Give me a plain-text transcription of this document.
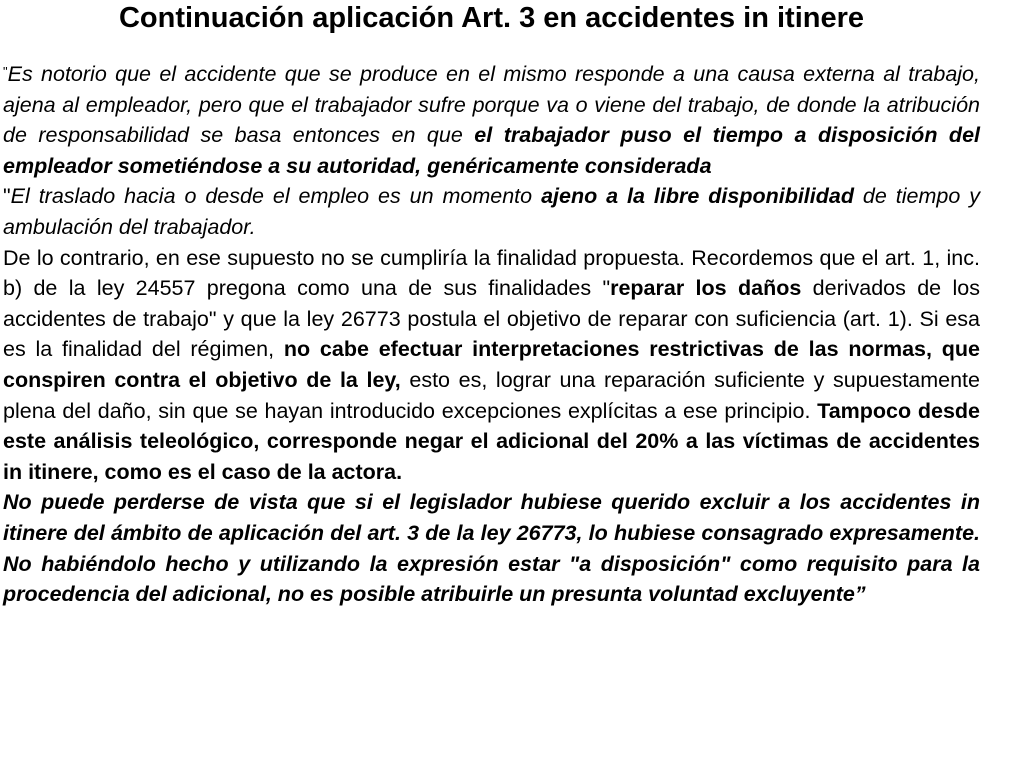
Continuación aplicación Art. 3 en accidentes in itinere

"Es notorio que el accidente que se produce en el mismo responde a una causa externa al trabajo, ajena al empleador, pero que el trabajador sufre porque va o viene del trabajo, de donde la atribución de responsabilidad se basa entonces en que el trabajador puso el tiempo a disposición del empleador sometiéndose a su autoridad, genéricamente considerada

"El traslado hacia o desde el empleo es un momento ajeno a la libre disponibilidad de tiempo y ambulación del trabajador.

De lo contrario, en ese supuesto no se cumpliría la finalidad propuesta. Recordemos que el art. 1, inc. b) de la ley 24557 pregona como una de sus finalidades "reparar los daños derivados de los accidentes de trabajo" y que la ley 26773 postula el objetivo de reparar con suficiencia (art. 1). Si esa es la finalidad del régimen, no cabe efectuar interpretaciones restrictivas de las normas, que conspiren contra el objetivo de la ley, esto es, lograr una reparación suficiente y supuestamente plena del daño, sin que se hayan introducido excepciones explícitas a ese principio. Tampoco desde este análisis teleológico, corresponde negar el adicional del 20% a las víctimas de accidentes in itinere, como es el caso de la actora.

No puede perderse de vista que si el legislador hubiese querido excluir a los accidentes in itinere del ámbito de aplicación del art. 3 de la ley 26773, lo hubiese consagrado expresamente. No habiéndolo hecho y utilizando la expresión estar "a disposición" como requisito para la procedencia del adicional, no es posible atribuirle un presunta voluntad excluyente”
